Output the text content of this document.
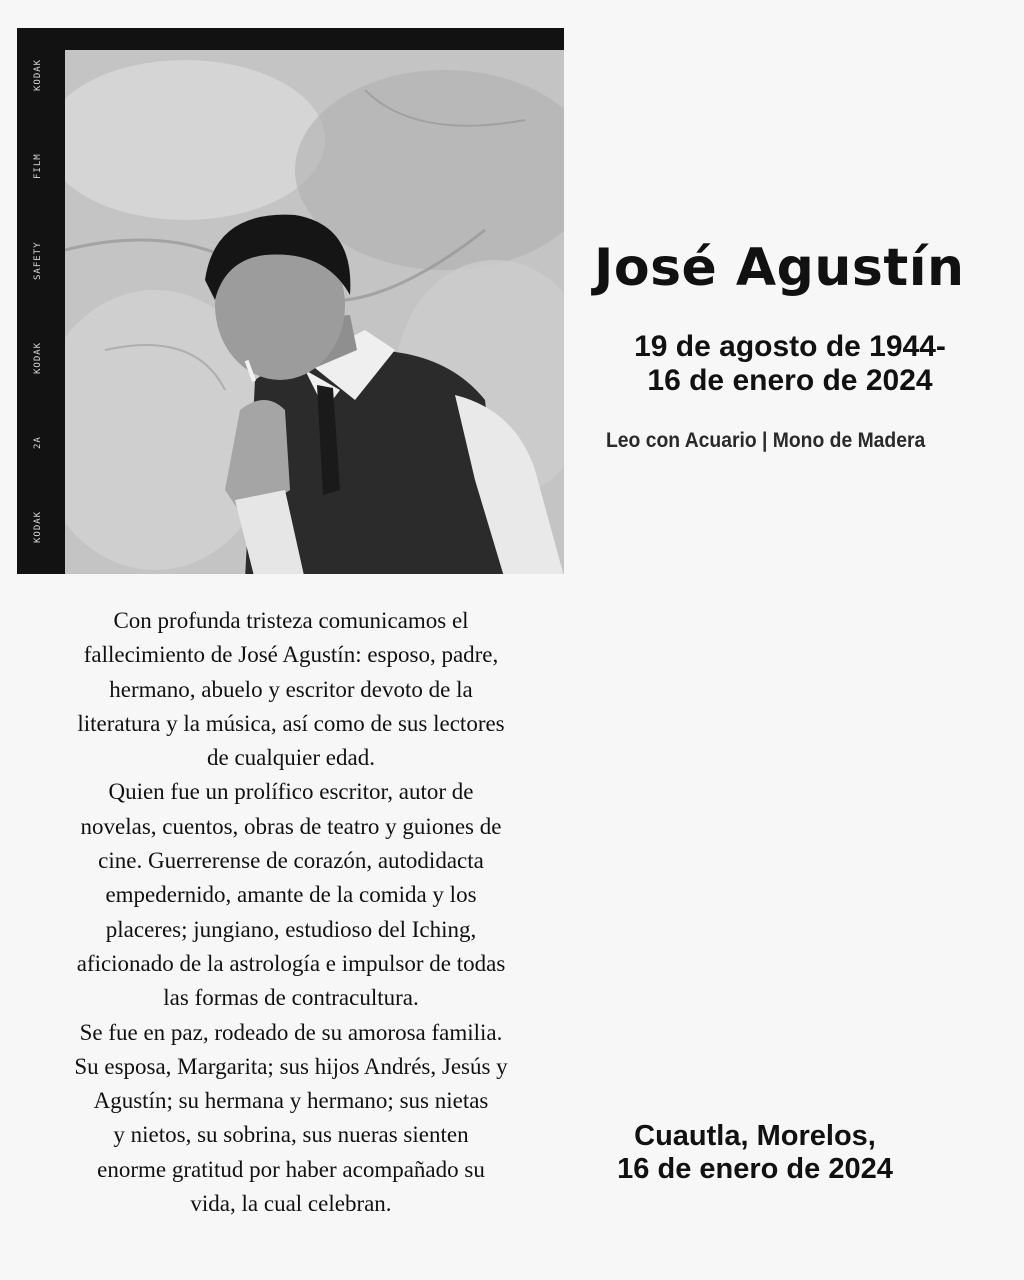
KODAK
2A
KODAK
SAFETY
FILM
KODAK
José Agustín
19 de agosto de 1944-
16 de enero de 2024
Leo con Acuario | Mono de Madera
Con profunda tristeza comunicamos el
fallecimiento de José Agustín: esposo, padre,
hermano, abuelo y escritor devoto de la
literatura y la música, así como de sus lectores
de cualquier edad.
Quien fue un prolífico escritor, autor de
novelas, cuentos, obras de teatro y guiones de
cine. Guerrerense de corazón, autodidacta
empedernido, amante de la comida y los
placeres; jungiano, estudioso del Iching,
aficionado de la astrología e impulsor de todas
las formas de contracultura.
Se fue en paz, rodeado de su amorosa familia.
Su esposa, Margarita; sus hijos Andrés, Jesús y
Agustín; su hermana y hermano; sus nietas
y nietos, su sobrina, sus nueras sienten
enorme gratitud por haber acompañado su
vida, la cual celebran.
Cuautla, Morelos,
16 de enero de 2024
